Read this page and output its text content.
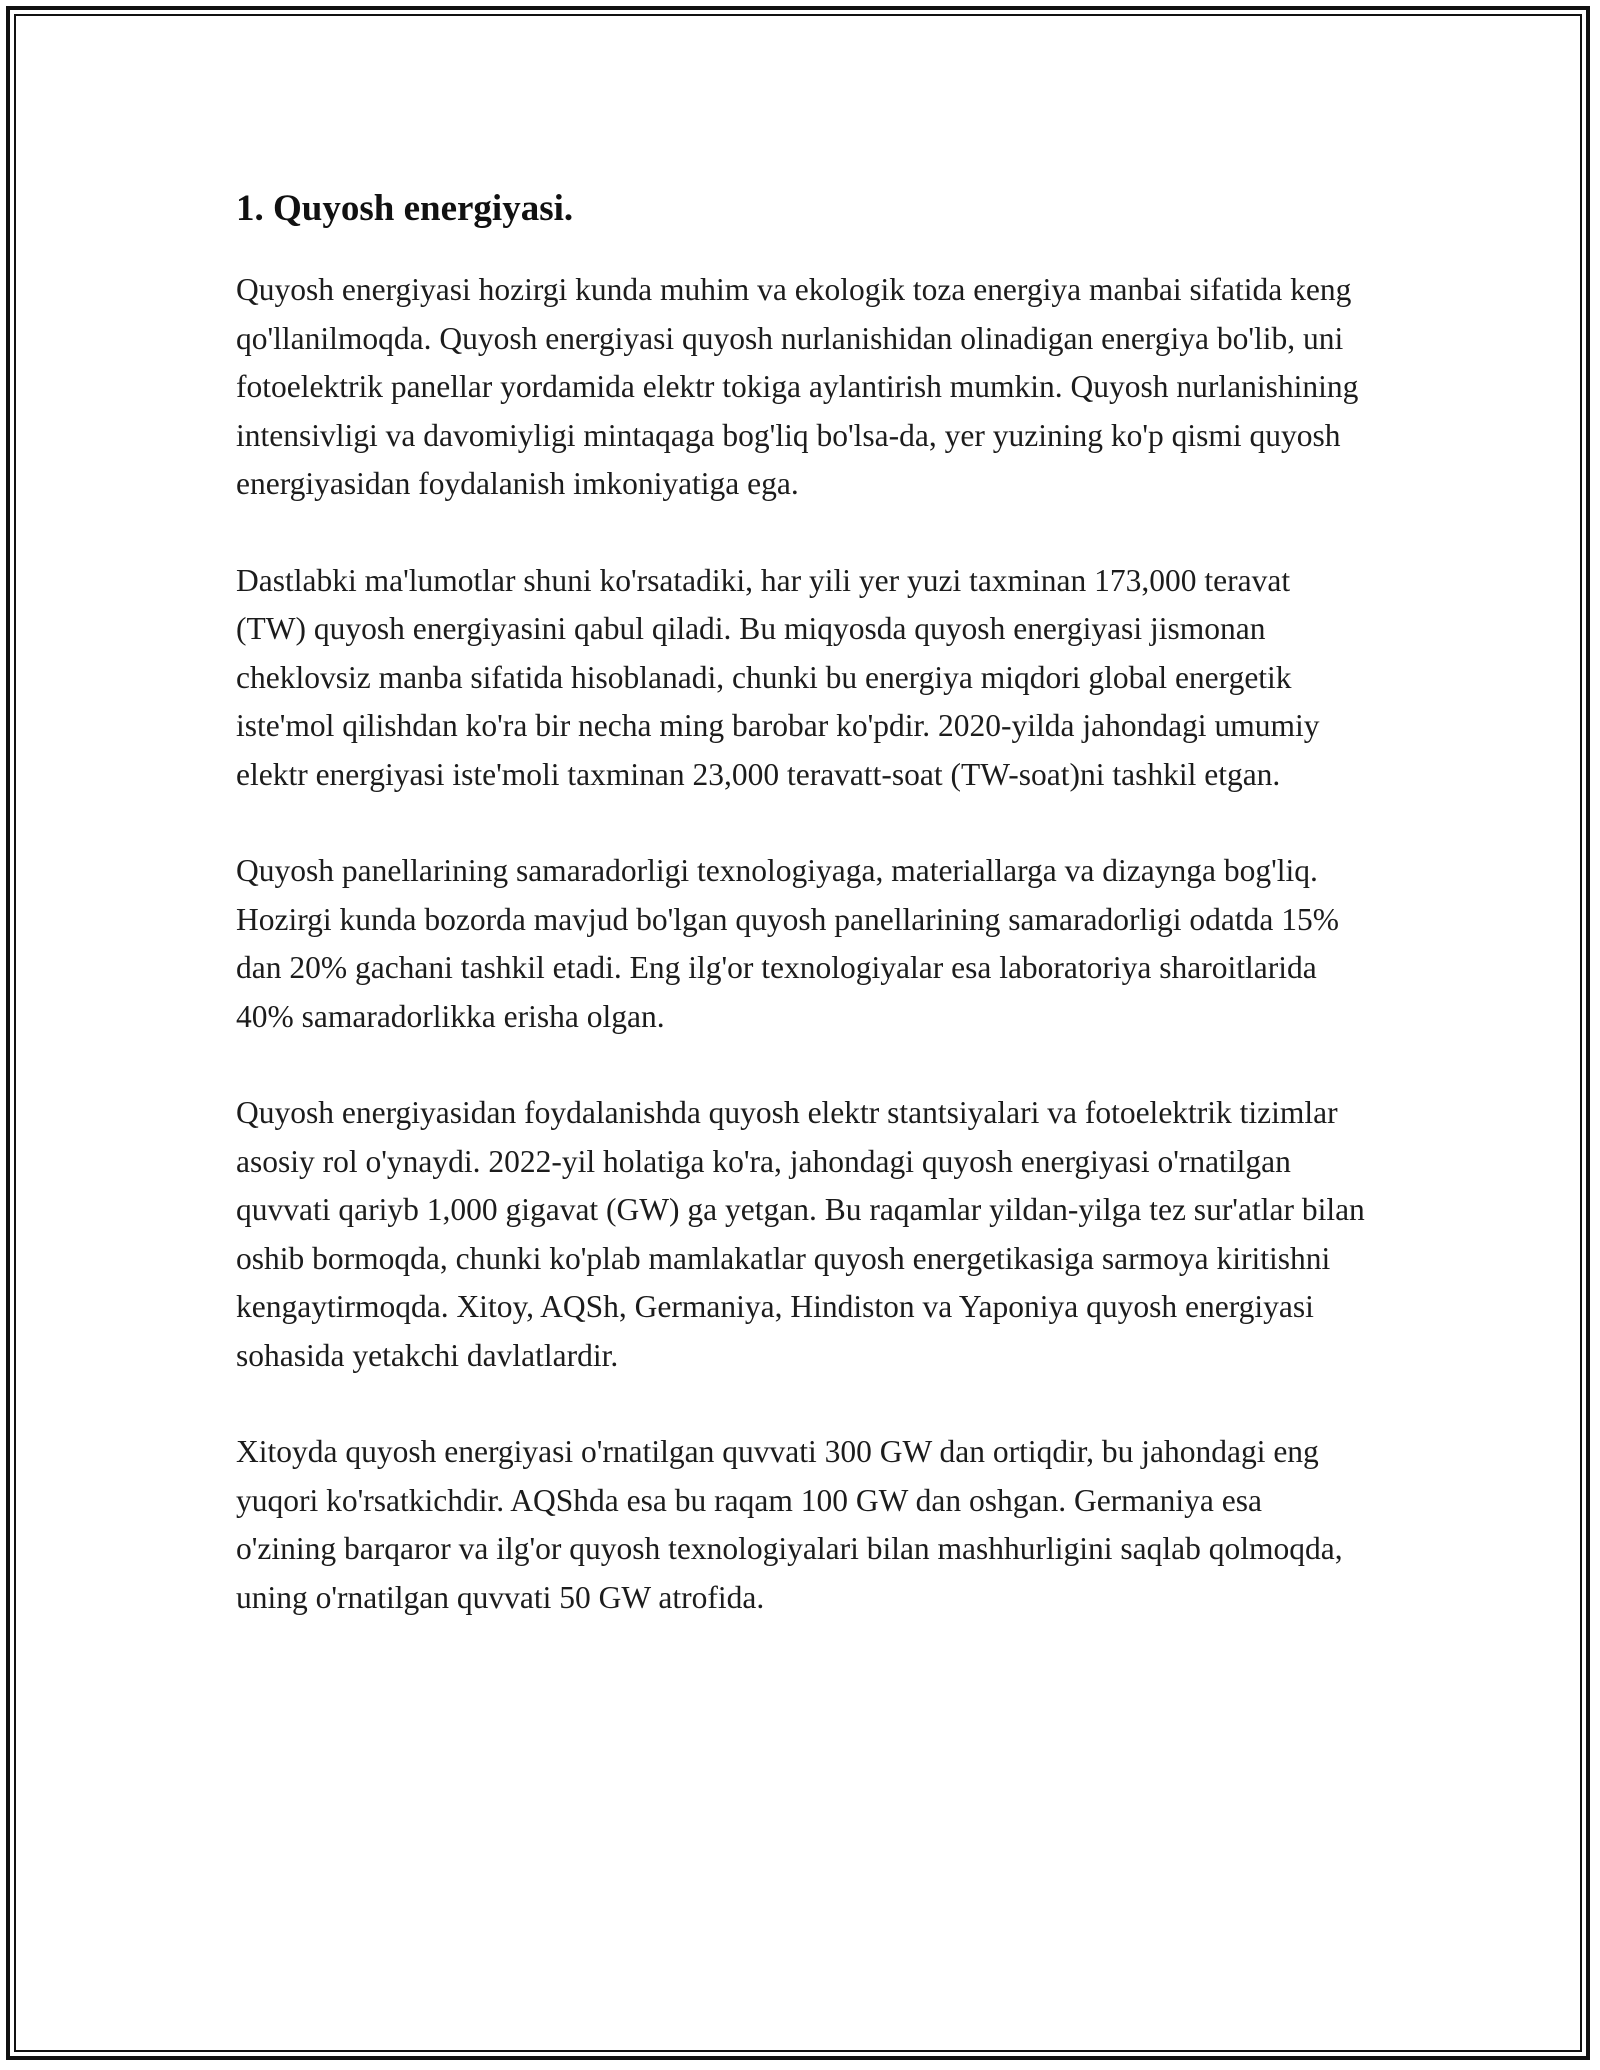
1. Quyosh energiyasi.

Quyosh energiyasi hozirgi kunda muhim va ekologik toza energiya manbai sifatida keng qo'llanilmoqda. Quyosh energiyasi quyosh nurlanishidan olinadigan energiya bo'lib, uni fotoelektrik panellar yordamida elektr tokiga aylantirish mumkin. Quyosh nurlanishining intensivligi va davomiyligi mintaqaga bog'liq bo'lsa-da, yer yuzining ko'p qismi quyosh energiyasidan foydalanish imkoniyatiga ega.

Dastlabki ma'lumotlar shuni ko'rsatadiki, har yili yer yuzi taxminan 173,000 teravat (TW) quyosh energiyasini qabul qiladi. Bu miqyosda quyosh energiyasi jismonan cheklovsiz manba sifatida hisoblanadi, chunki bu energiya miqdori global energetik iste'mol qilishdan ko'ra bir necha ming barobar ko'pdir. 2020-yilda jahondagi umumiy elektr energiyasi iste'moli taxminan 23,000 teravatt-soat (TW-soat)ni tashkil etgan.

Quyosh panellarining samaradorligi texnologiyaga, materiallarga va dizaynga bog'liq. Hozirgi kunda bozorda mavjud bo'lgan quyosh panellarining samaradorligi odatda 15% dan 20% gachani tashkil etadi. Eng ilg'or texnologiyalar esa laboratoriya sharoitlarida 40% samaradorlikka erisha olgan.

Quyosh energiyasidan foydalanishda quyosh elektr stantsiyalari va fotoelektrik tizimlar asosiy rol o'ynaydi. 2022-yil holatiga ko'ra, jahondagi quyosh energiyasi o'rnatilgan quvvati qariyb 1,000 gigavat (GW) ga yetgan. Bu raqamlar yildan-yilga tez sur'atlar bilan oshib bormoqda, chunki ko'plab mamlakatlar quyosh energetikasiga sarmoya kiritishni kengaytirmoqda. Xitoy, AQSh, Germaniya, Hindiston va Yaponiya quyosh energiyasi sohasida yetakchi davlatlardir.

Xitoyda quyosh energiyasi o'rnatilgan quvvati 300 GW dan ortiqdir, bu jahondagi eng yuqori ko'rsatkichdir. AQShda esa bu raqam 100 GW dan oshgan. Germaniya esa o'zining barqaror va ilg'or quyosh texnologiyalari bilan mashhurligini saqlab qolmoqda, uning o'rnatilgan quvvati 50 GW atrofida.
